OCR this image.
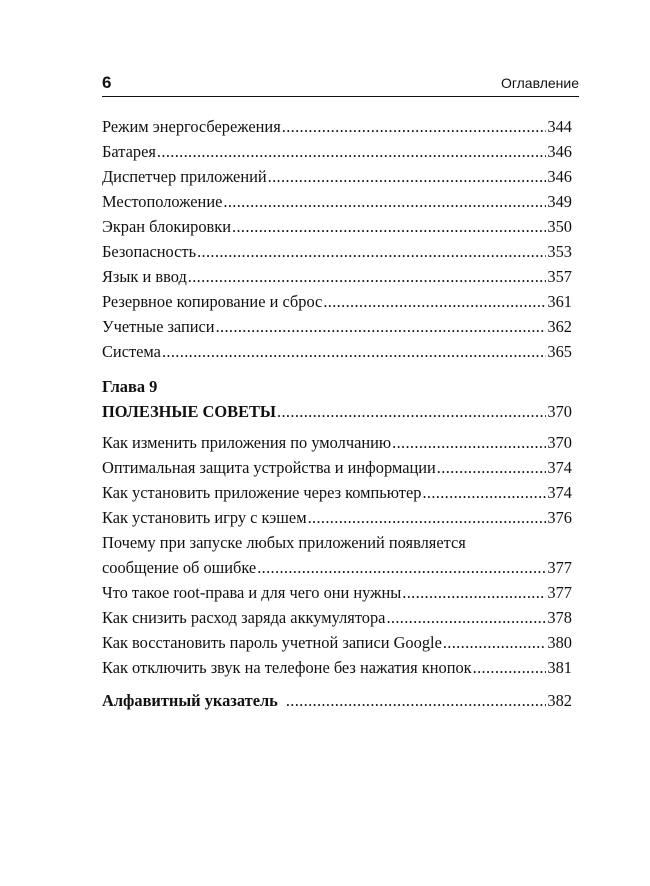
6	Оглавление
Режим энергосбережения .....	344
Батарея .....	346
Диспетчер приложений .....	346
Местоположение .....	349
Экран блокировки .....	350
Безопасность .....	353
Язык и ввод .....	357
Резервное копирование и сброс .....	361
Учетные записи .....	362
Система .....	365
Глава 9
ПОЛЕЗНЫЕ СОВЕТЫ .....	370
Как изменить приложения по умолчанию .....	370
Оптимальная защита устройства и информации .....	374
Как установить приложение через компьютер .....	374
Как установить игру с кэшем .....	376
Почему при запуске любых приложений появляется
сообщение об ошибке .....	377
Что такое root-права и для чего они нужны .....	377
Как снизить расход заряда аккумулятора .....	378
Как восстановить пароль учетной записи Google .....	380
Как отключить звук на телефоне без нажатия кнопок .....	381
Алфавитный указатель .....	382
